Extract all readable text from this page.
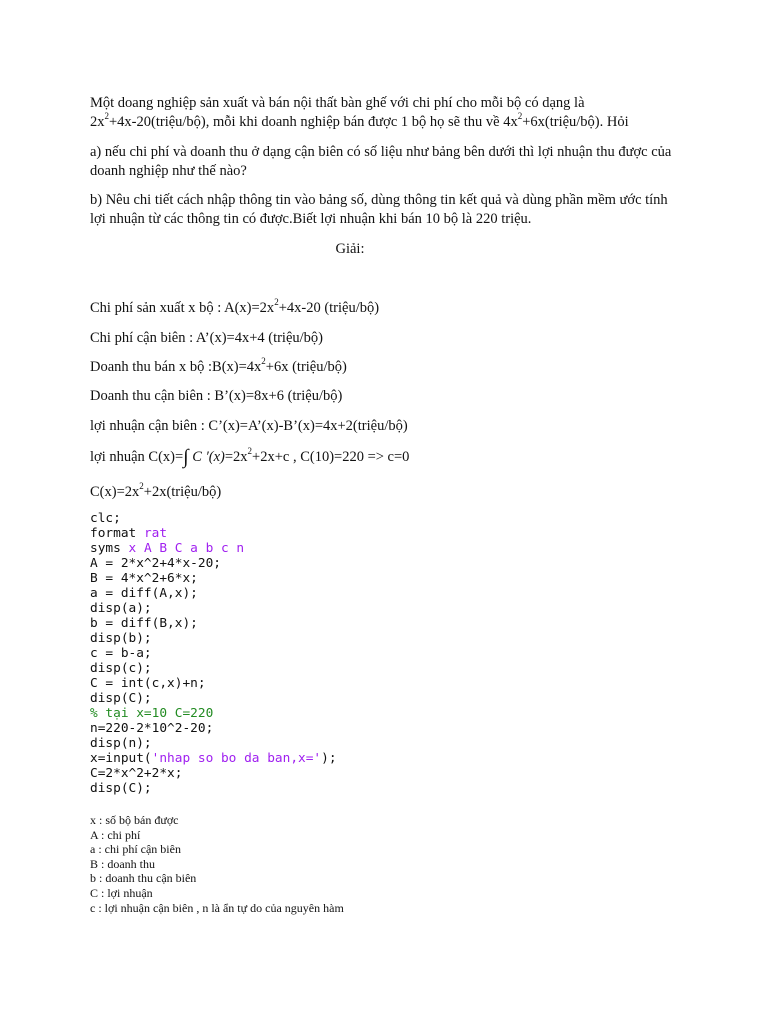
Một doang nghiệp sản xuất và bán nội thất bàn ghế với chi phí cho mỗi bộ có dạng là
$2x^2+4x-20(triệu/bộ)$, mỗi khi doanh nghiệp bán được 1 bộ họ sẽ thu về $4x^2+6x(triệu/bộ)$. Hỏi
a) nếu chi phí và doanh thu ở dạng cận biên có số liệu như bảng bên dưới thì lợi nhuận thu được của doanh nghiệp như thế nào?
b) Nêu chi tiết cách nhập thông tin vào bảng số, dùng thông tin kết quả và dùng phần mềm ước tính lợi nhuận từ các thông tin có được.Biết lợi nhuận khi bán 10 bộ là 220 triệu.
Giải:
Chi phí sản xuất x bộ : $A(x)=2x^2+4x-20$ (triệu/bộ)
Chi phí cận biên : A’(x)=4x+4 (triệu/bộ)
Doanh thu bán x bộ $:B(x)=4x^2+6x$ (triệu/bộ)
Doanh thu cận biên : B’(x)=8x+6 (triệu/bộ)
lợi nhuận cận biên : C’(x)=A’(x)-B’(x)=4x+2(triệu/bộ)
lợi nhuận C(x)=∫ C $'(x)=2x^2+2x+c$ , C(10)=220 => c=0
$C(x)=2x^2+2x(triệu/bộ)$
clc;
format rat
syms x A B C a b c n
A = 2*x^2+4*x-20;
B = 4*x^2+6*x;
a = diff(A,x);
disp(a);
b = diff(B,x);
disp(b);
c = b-a;
disp(c);
C = int(c,x)+n;
disp(C);
% tại x=10 C=220
n=220-2*10^2-20;
disp(n);
x=input('nhap so bo da ban,x=');
C=2*x^2+2*x;
disp(C);
x : số bộ bán được
A : chi phí
a : chi phí cận biên
B : doanh thu
b : doanh thu cận biên
C : lợi nhuận
c : lợi nhuận cận biên , n là ẩn tự do của nguyên hàm
